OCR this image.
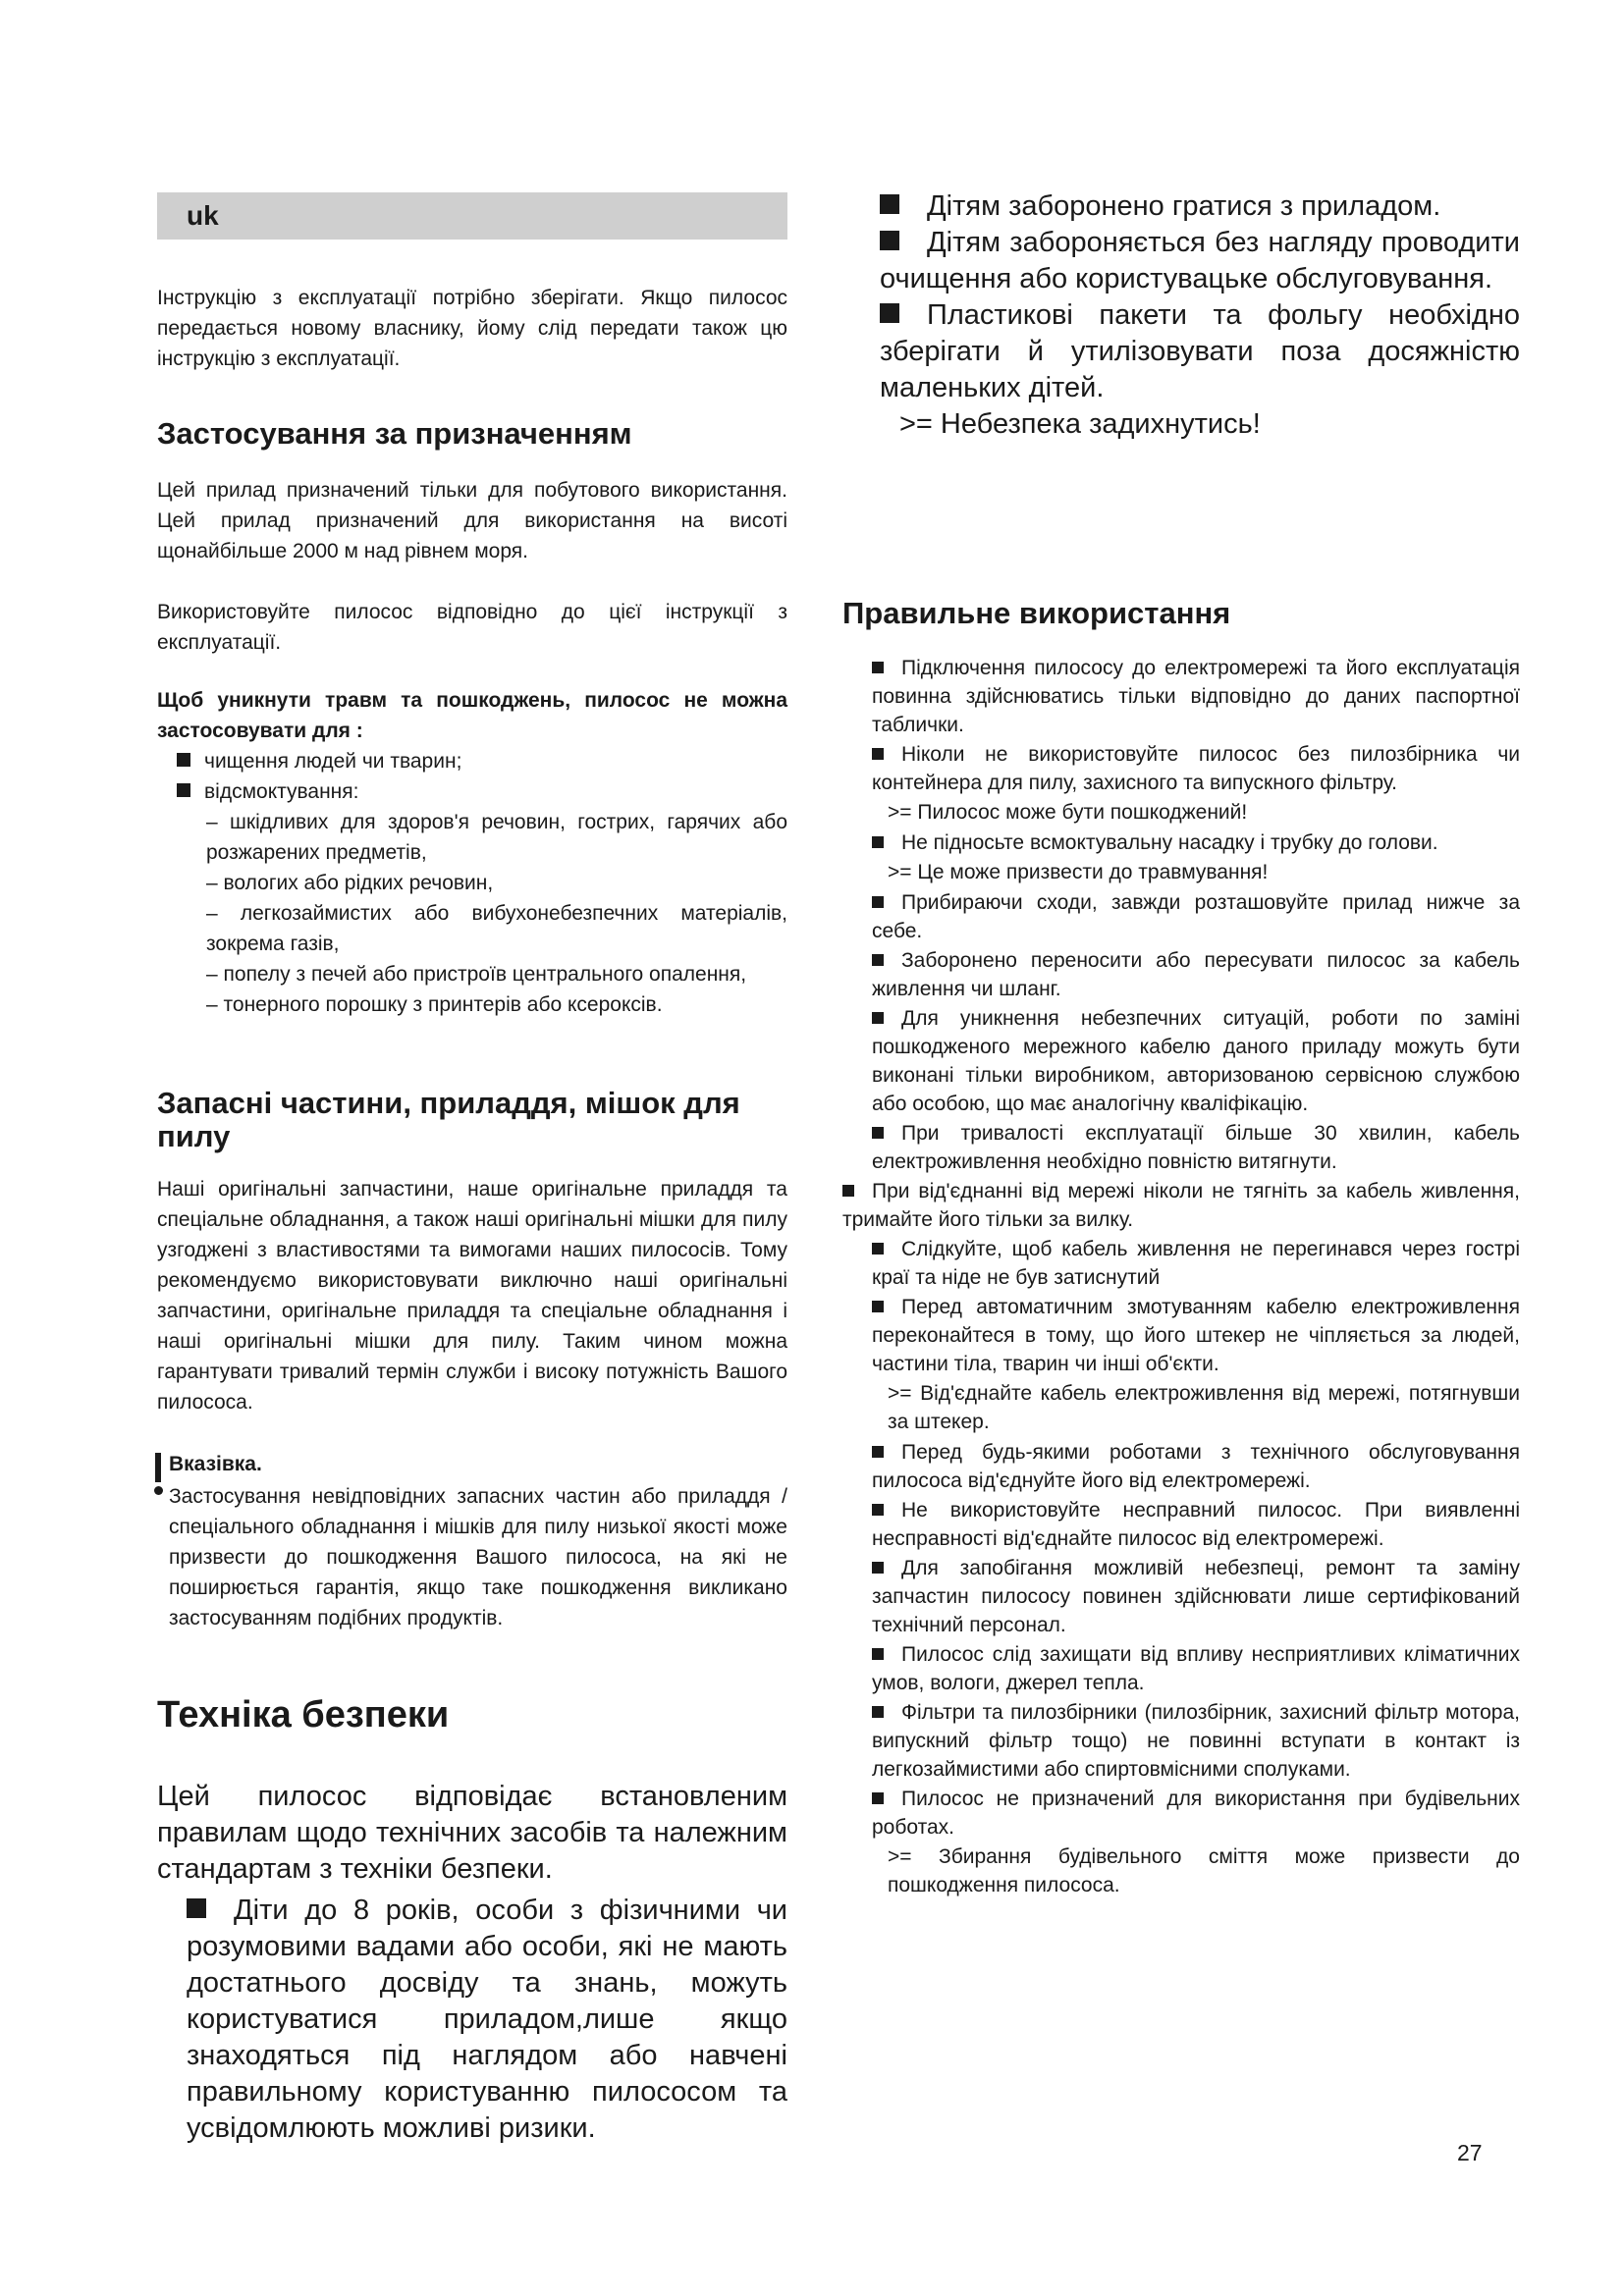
uk

Інструкцію з експлуатації потрібно зберігати. Якщо пилосос передається новому власнику, йому слід передати також цю інструкцію з експлуатації.

Застосування за призначенням

Цей прилад призначений тільки для побутового використання. Цей прилад призначений для використання на висоті щонайбільше 2000 м над рівнем моря.

Використовуйте пилосос відповідно до цієї інструкції з експлуатації.

Щоб уникнути травм та пошкоджень, пилосос не можна застосовувати для :

чищення людей чи тварин;
відсмоктування:

– шкідливих для здоров'я речовин, гострих, гарячих або розжарених предметів,

– вологих або рідких речовин,

– легкозаймистих або вибухонебезпечних матеріалів, зокрема газів,

– попелу з печей або пристроїв центрального опалення,

– тонерного порошку з принтерів або ксероксів.

Запасні частини, приладдя, мішок для пилу

Наші оригінальні запчастини, наше оригінальне приладдя та спеціальне обладнання, а також наші оригінальні мішки для пилу узгоджені з властивостями та вимогами наших пилососів. Тому рекомендуємо використовувати виключно наші оригінальні запчастини, оригінальне приладдя та спеціальне обладнання і наші оригінальні мішки для пилу. Таким чином можна гарантувати тривалий термін служби і високу потужність Вашого пилососа.

Вказівка.

Застосування невідповідних запасних частин або приладдя / спеціального обладнання і мішків для пилу низької якості може призвести до пошкодження Вашого пилососа, на які не поширюється гарантія, якщо таке пошкодження викликано застосуванням подібних продуктів.

Техніка безпеки

Цей пилосос відповідає встановленим правилам щодо технічних засобів та належним стандартам з техніки безпеки.

Діти до 8 років, особи з фізичними чи розумовими вадами або особи, які не мають достатнього досвіду та знань, можуть користуватися приладом,лише якщо знаходяться під наглядом або навчені правильному користуванню пилососом та усвідомлюють можливі ризики.

Дітям заборонено гратися з приладом.

Дітям забороняється без нагляду проводити очищення або користувацьке обслуговування.

Пластикові пакети та фольгу необхідно зберігати й утилізовувати поза досяжністю маленьких дітей.

>= Небезпека задихнутись!

Правильне використання

Підключення пилососу до електромережі та його експлуатація повинна здійснюватись тільки відповідно до даних паспортної таблички.

Ніколи не використовуйте пилосос без пилозбірника чи контейнера для пилу, захисного та випускного фільтру.

>= Пилосос може бути пошкоджений!

Не підносьте всмоктувальну насадку і трубку до голови.

>= Це може призвести до травмування!

Прибираючи сходи, завжди розташовуйте прилад нижче за себе.

Заборонено переносити або пересувати пилосос за кабель живлення чи шланг.

Для уникнення небезпечних ситуацій, роботи по заміні пошкодженого мережного кабелю даного приладу можуть бути виконані тільки виробником, авторизованою сервісною службою або особою, що має аналогічну кваліфікацію.

При тривалості експлуатації більше 30 хвилин, кабель електроживлення необхідно повністю витягнути.

При від'єднанні від мережі ніколи не тягніть за кабель живлення, тримайте його тільки за вилку.

Слідкуйте, щоб кабель живлення не перегинався через гострі краї та ніде не був затиснутий

Перед автоматичним змотуванням кабелю електроживлення переконайтеся в тому, що його штекер не чіпляється за людей, частини тіла, тварин чи інші об'єкти.

>= Від'єднайте кабель електроживлення від мережі, потягнувши за штекер.

Перед будь-якими роботами з технічного обслуговування пилососа від'єднуйте його від електромережі.

Не використовуйте несправний пилосос. При виявленні несправності від'єднайте пилосос від електромережі.

Для запобігання можливій небезпеці, ремонт та заміну запчастин пилососу повинен здійснювати лише сертифікований технічний персонал.

Пилосос слід захищати від впливу несприятливих кліматичних умов, вологи, джерел тепла.

Фільтри та пилозбірники (пилозбірник, захисний фільтр мотора, випускний фільтр тощо) не повинні вступати в контакт із легкозаймистими або спиртовмісними сполуками.

Пилосос не призначений для використання при будівельних роботах.

>= Збирання будівельного сміття може призвести до пошкодження пилососа.

27
